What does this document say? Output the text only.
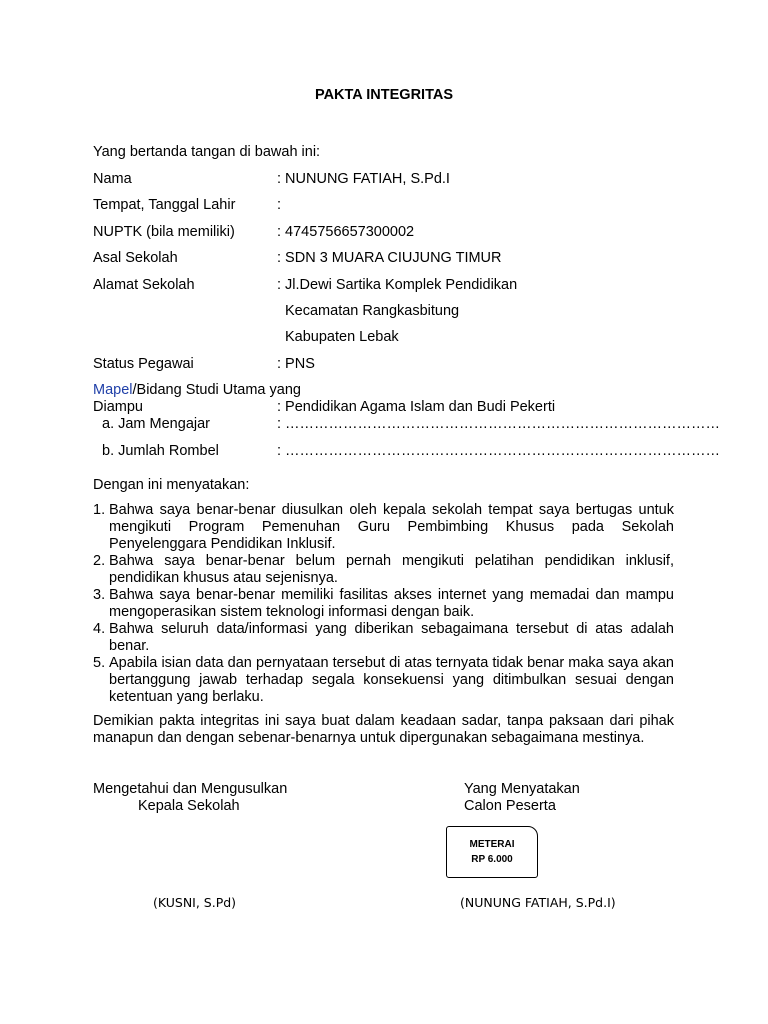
PAKTA INTEGRITAS
Yang bertanda tangan di bawah ini:
Nama	: NUNUNG FATIAH, S.Pd.I
Tempat, Tanggal Lahir	:
NUPTK (bila memiliki)	: 4745756657300002
Asal Sekolah	: SDN 3 MUARA CIUJUNG TIMUR
Alamat Sekolah	: Jl.Dewi Sartika Komplek Pendidikan
Kecamatan Rangkasbitung
Kabupaten Lebak
Status Pegawai	: PNS
Mapel/Bidang Studi Utama yang
Diampu	: Pendidikan Agama Islam dan Budi Pekerti
a. Jam Mengajar	: ………………………………………………………………………………
b. Jumlah Rombel	: ………………………………………………………………………………
Dengan ini menyatakan:
1. Bahwa saya benar-benar diusulkan oleh kepala sekolah tempat saya bertugas untuk mengikuti Program Pemenuhan Guru Pembimbing Khusus pada Sekolah Penyelenggara Pendidikan Inklusif.
2. Bahwa saya benar-benar belum pernah mengikuti pelatihan pendidikan inklusif, pendidikan khusus atau sejenisnya.
3. Bahwa saya benar-benar memiliki fasilitas akses internet yang memadai dan mampu mengoperasikan sistem teknologi informasi dengan baik.
4. Bahwa seluruh data/informasi yang diberikan sebagaimana tersebut di atas adalah benar.
5. Apabila isian data dan pernyataan tersebut di atas ternyata tidak benar maka saya akan bertanggung jawab terhadap segala konsekuensi yang ditimbulkan sesuai dengan ketentuan yang berlaku.
Demikian pakta integritas ini saya buat dalam keadaan sadar, tanpa paksaan dari pihak manapun dan dengan sebenar-benarnya untuk dipergunakan sebagaimana mestinya.
Mengetahui dan Mengusulkan
Kepala Sekolah
Yang Menyatakan
Calon Peserta
METERAI
RP 6.000
(KUSNI, S.Pd)	(NUNUNG FATIAH, S.Pd.I)
